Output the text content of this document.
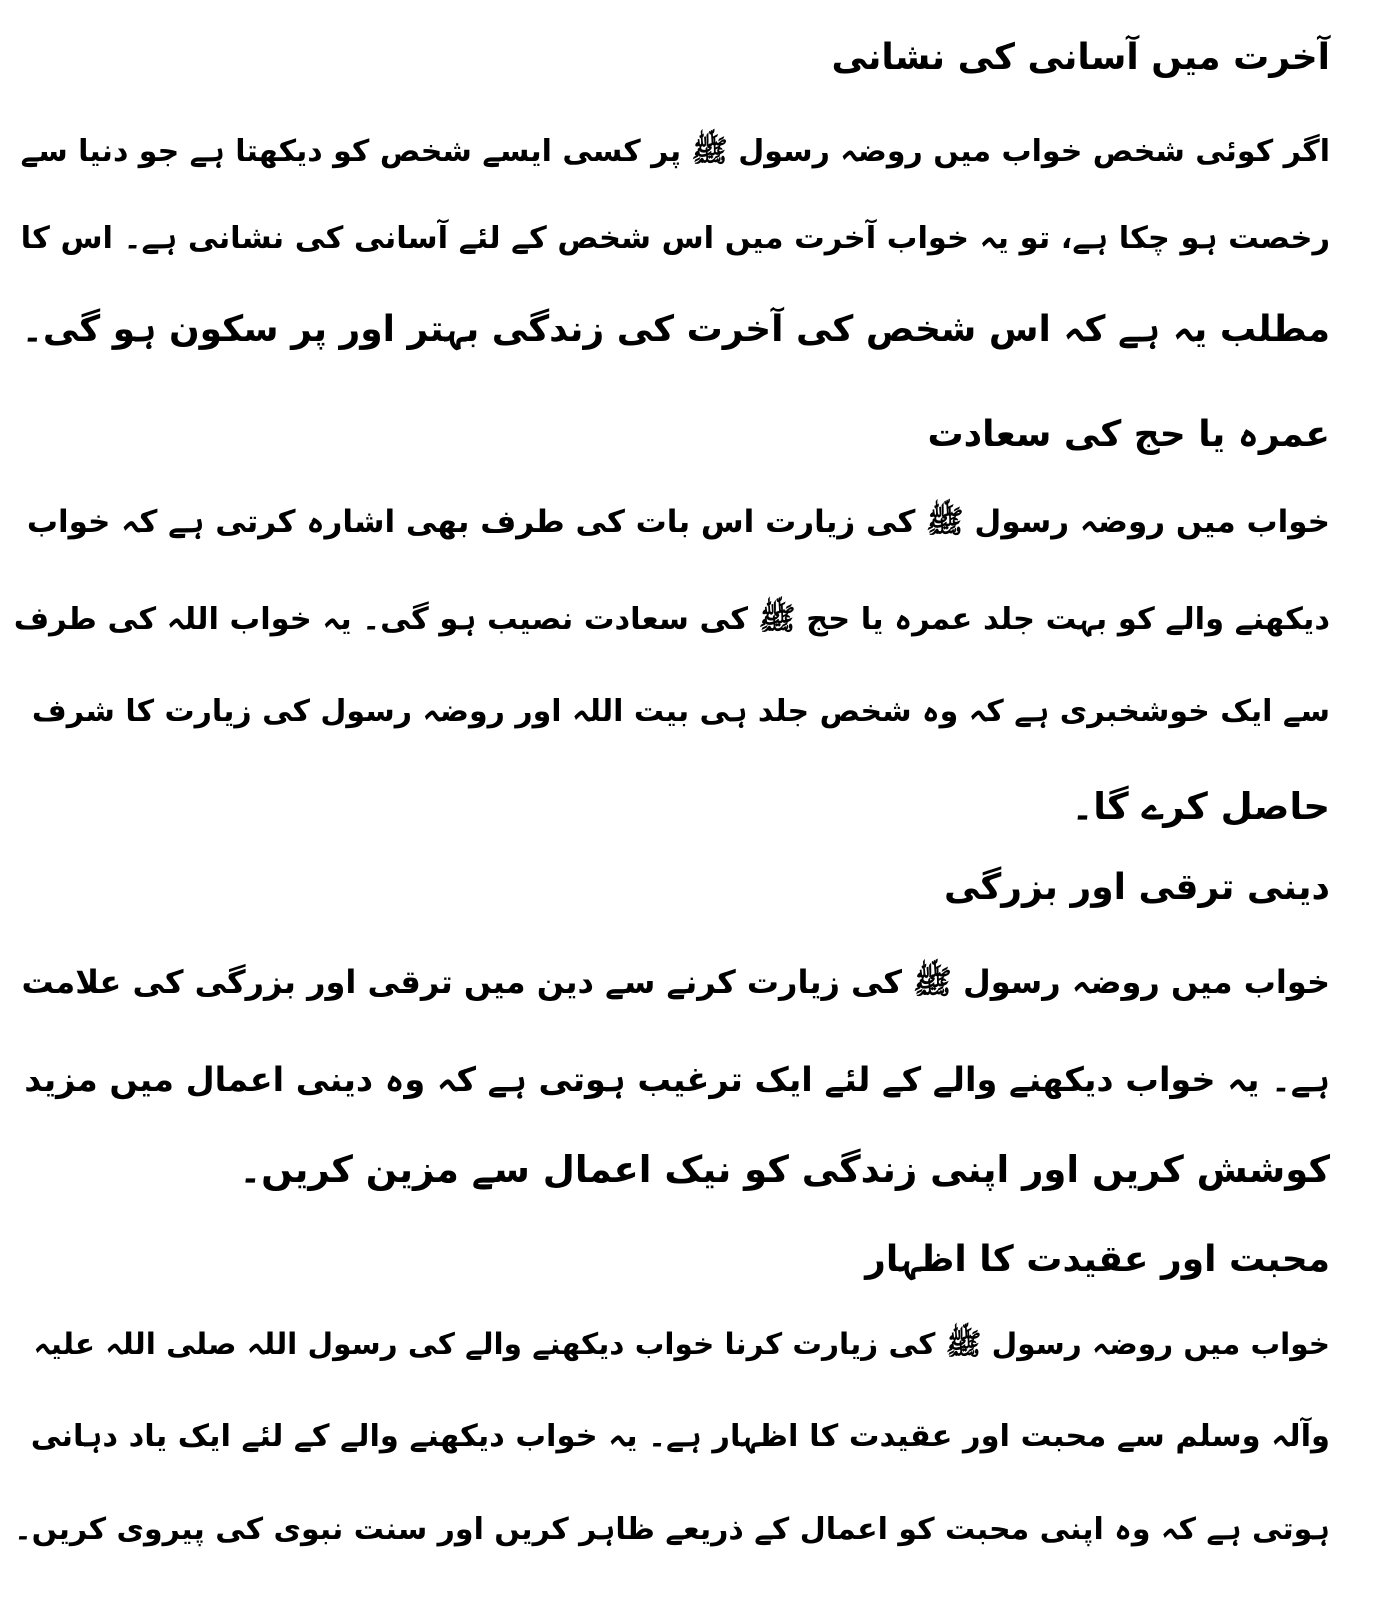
آخرت میں آسانی کی نشانی
اگر کوئی شخص خواب میں روضہ رسول ﷺ پر کسی ایسے شخص کو دیکھتا ہے جو دنیا سے
رخصت ہو چکا ہے، تو یہ خواب آخرت میں اس شخص کے لئے آسانی کی نشانی ہے۔ اس کا
مطلب یہ ہے کہ اس شخص کی آخرت کی زندگی بہتر اور پر سکون ہو گی۔
عمرہ یا حج کی سعادت
خواب میں روضہ رسول ﷺ کی زیارت اس بات کی طرف بھی اشارہ کرتی ہے کہ خواب
دیکھنے والے کو بہت جلد عمرہ یا حج ﷺ کی سعادت نصیب ہو گی۔ یہ خواب اللہ کی طرف
سے ایک خوشخبری ہے کہ وہ شخص جلد ہی بیت اللہ اور روضہ رسول کی زیارت کا شرف
حاصل کرے گا۔
دینی ترقی اور بزرگی
خواب میں روضہ رسول ﷺ کی زیارت کرنے سے دین میں ترقی اور بزرگی کی علامت
ہے۔ یہ خواب دیکھنے والے کے لئے ایک ترغیب ہوتی ہے کہ وہ دینی اعمال میں مزید
کوشش کریں اور اپنی زندگی کو نیک اعمال سے مزین کریں۔
محبت اور عقیدت کا اظہار
خواب میں روضہ رسول ﷺ کی زیارت کرنا خواب دیکھنے والے کی رسول اللہ صلی اللہ علیہ
وآلہ وسلم سے محبت اور عقیدت کا اظہار ہے۔ یہ خواب دیکھنے والے کے لئے ایک یاد دہانی
ہوتی ہے کہ وہ اپنی محبت کو اعمال کے ذریعے ظاہر کریں اور سنت نبوی کی پیروی کریں۔
